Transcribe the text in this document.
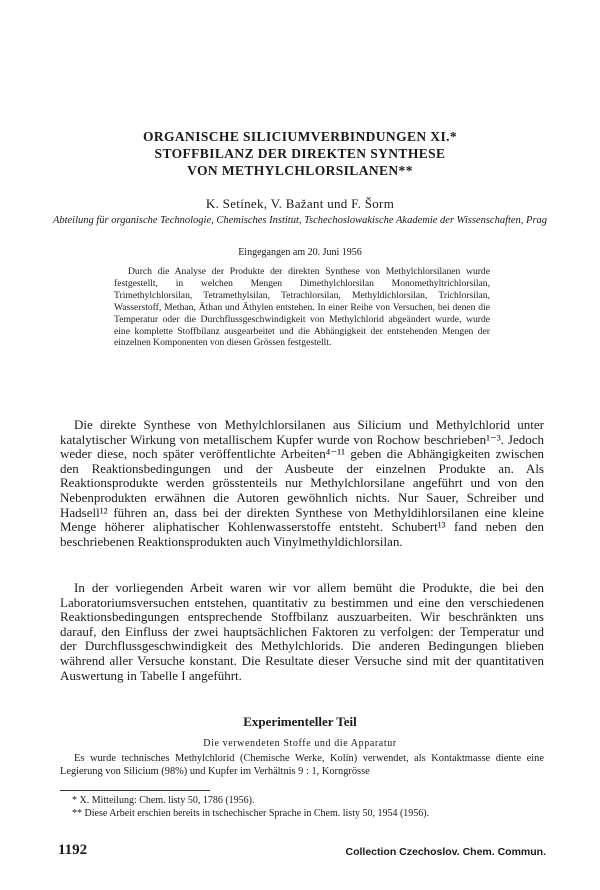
ORGANISCHE SILICIUMVERBINDUNGEN XI.*
STOFFBILANZ DER DIREKTEN SYNTHESE
VON METHYLCHLORSILANEN**
K. Setínek, V. Bažant und F. Šorm
Abteilung für organische Technologie, Chemisches Institut, Tschechoslowakische Akademie der Wissenschaften, Prag
Eingegangen am 20. Juni 1956
Durch die Analyse der Produkte der direkten Synthese von Methylchlorsilanen wurde festgestellt, in welchen Mengen Dimethylchlorsilan Monomethyltrichlorsilan, Trimethylchlorsilan, Tetramethylsilan, Tetrachlorsilan, Methyldichlorsilan, Trichlorsilan, Wasserstoff, Methan, Äthan und Äthylen entstehen. In einer Reihe von Versuchen, bei denen die Temperatur oder die Durchflussgeschwindigkeit von Methylchlorid abgeändert wurde, wurde eine komplette Stoffbilanz ausgearbeitet und die Abhängigkeit der entstehenden Mengen der einzelnen Komponenten von diesen Grössen festgestellt.

Die direkte Synthese von Methylchlorsilanen aus Silicium und Methylchlorid unter katalytischer Wirkung von metallischem Kupfer wurde von Rochow beschrieben¹⁻³. Jedoch weder diese, noch später veröffentlichte Arbeiten⁴⁻¹¹ geben die Abhängigkeiten zwischen den Reaktionsbedingungen und der Ausbeute der einzelnen Produkte an. Als Reaktionsprodukte werden grösstenteils nur Methylchlorsilane angeführt und von den Nebenprodukten erwähnen die Autoren gewöhnlich nichts. Nur Sauer, Schreiber und Hadsell¹² führen an, dass bei der direkten Synthese von Methyldihlorsilanen eine kleine Menge höherer aliphatischer Kohlenwasserstoffe entsteht. Schubert¹³ fand neben den beschriebenen Reaktionsprodukten auch Vinylmethyldichlorsilan.

In der vorliegenden Arbeit waren wir vor allem bemüht die Produkte, die bei den Laboratoriumsversuchen entstehen, quantitativ zu bestimmen und eine den verschiedenen Reaktionsbedingungen entsprechende Stoffbilanz auszuarbeiten. Wir beschränkten uns darauf, den Einfluss der zwei hauptsächlichen Faktoren zu verfolgen: der Temperatur und der Durchflussgeschwindigkeit des Methylchlorids. Die anderen Bedingungen blieben während aller Versuche konstant. Die Resultate dieser Versuche sind mit der quantitativen Auswertung in Tabelle I angeführt.

Experimenteller Teil
Die verwendeten Stoffe und die Apparatur

Es wurde technisches Methylchlorid (Chemische Werke, Kolín) verwendet, als Kontaktmasse diente eine Legierung von Silicium (98%) und Kupfer im Verhältnis 9 : 1, Korngrösse

* X. Mitteilung: Chem. listy 50, 1786 (1956).
** Diese Arbeit erschien bereits in tschechischer Sprache in Chem. listy 50, 1954 (1956).
1192	Collection Czechoslov. Chem. Commun.
